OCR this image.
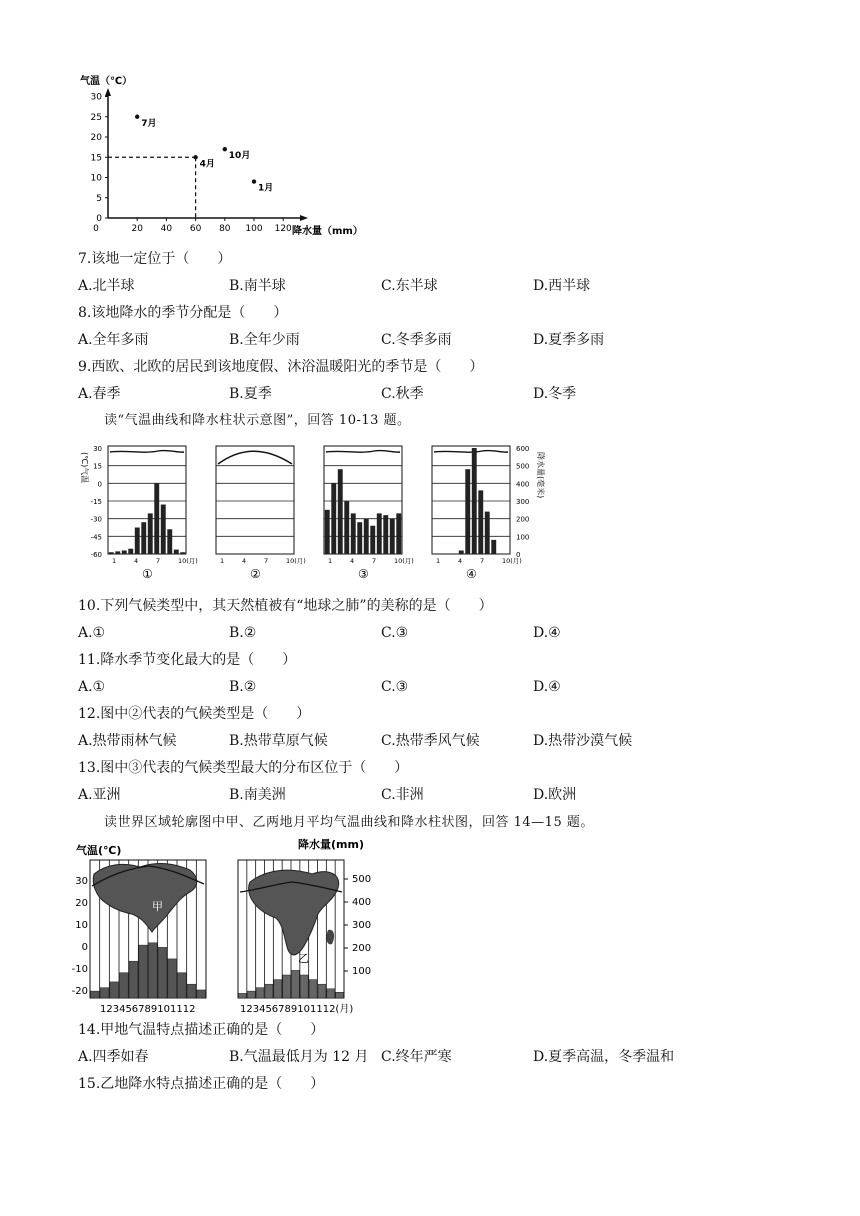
气温（℃）
降水量（mm）
0
5
10
15
20
25
30
0	20 40 60 80 100 120
7月
4月
10月
1月
7.该地一定位于（　　）
A.北半球	B.南半球	C.东半球	D.西半球
8.该地降水的季节分配是（　　）
A.全年多雨	B.全年少雨	C.冬季多雨	D.夏季多雨
9.西欧、北欧的居民到该地度假、沐浴温暖阳光的季节是（　　）
A.春季	B.夏季	C.秋季	D.冬季
读“气温曲线和降水柱状示意图”，回答 10-13 题。
(℃)气温	降水量(毫米)
30
15
0
-15
-30
-45
-60
600
500
400
300
200
100
0
1	4	7	10(月)
①
1	4	7	10(月)
②
1	4	7	10(月)
③
1	4	7	10(月)
④
10.下列气候类型中，其天然植被有“地球之肺”的美称的是（　　）
A.①	B.②	C.③	D.④
11.降水季节变化最大的是（　　）
A.①	B.②	C.③	D.④
12.图中②代表的气候类型是（　　）
A.热带雨林气候	B.热带草原气候	C.热带季风气候	D.热带沙漠气候
13.图中③代表的气候类型最大的分布区位于（　　）
A.亚洲	B.南美洲	C.非洲	D.欧洲
读世界区域轮廓图中甲、乙两地月平均气温曲线和降水柱状图，回答 14—15 题。
气温(℃)	降水量(mm)
30
20
10
0
-10
-20
500
400
300
200
100
甲
乙
123456789101112	123456789101112(月)
14.甲地气温特点描述正确的是（　　）
A.四季如春	B.气温最低月为 12 月 C.终年严寒	D.夏季高温，冬季温和
15.乙地降水特点描述正确的是（　　）
